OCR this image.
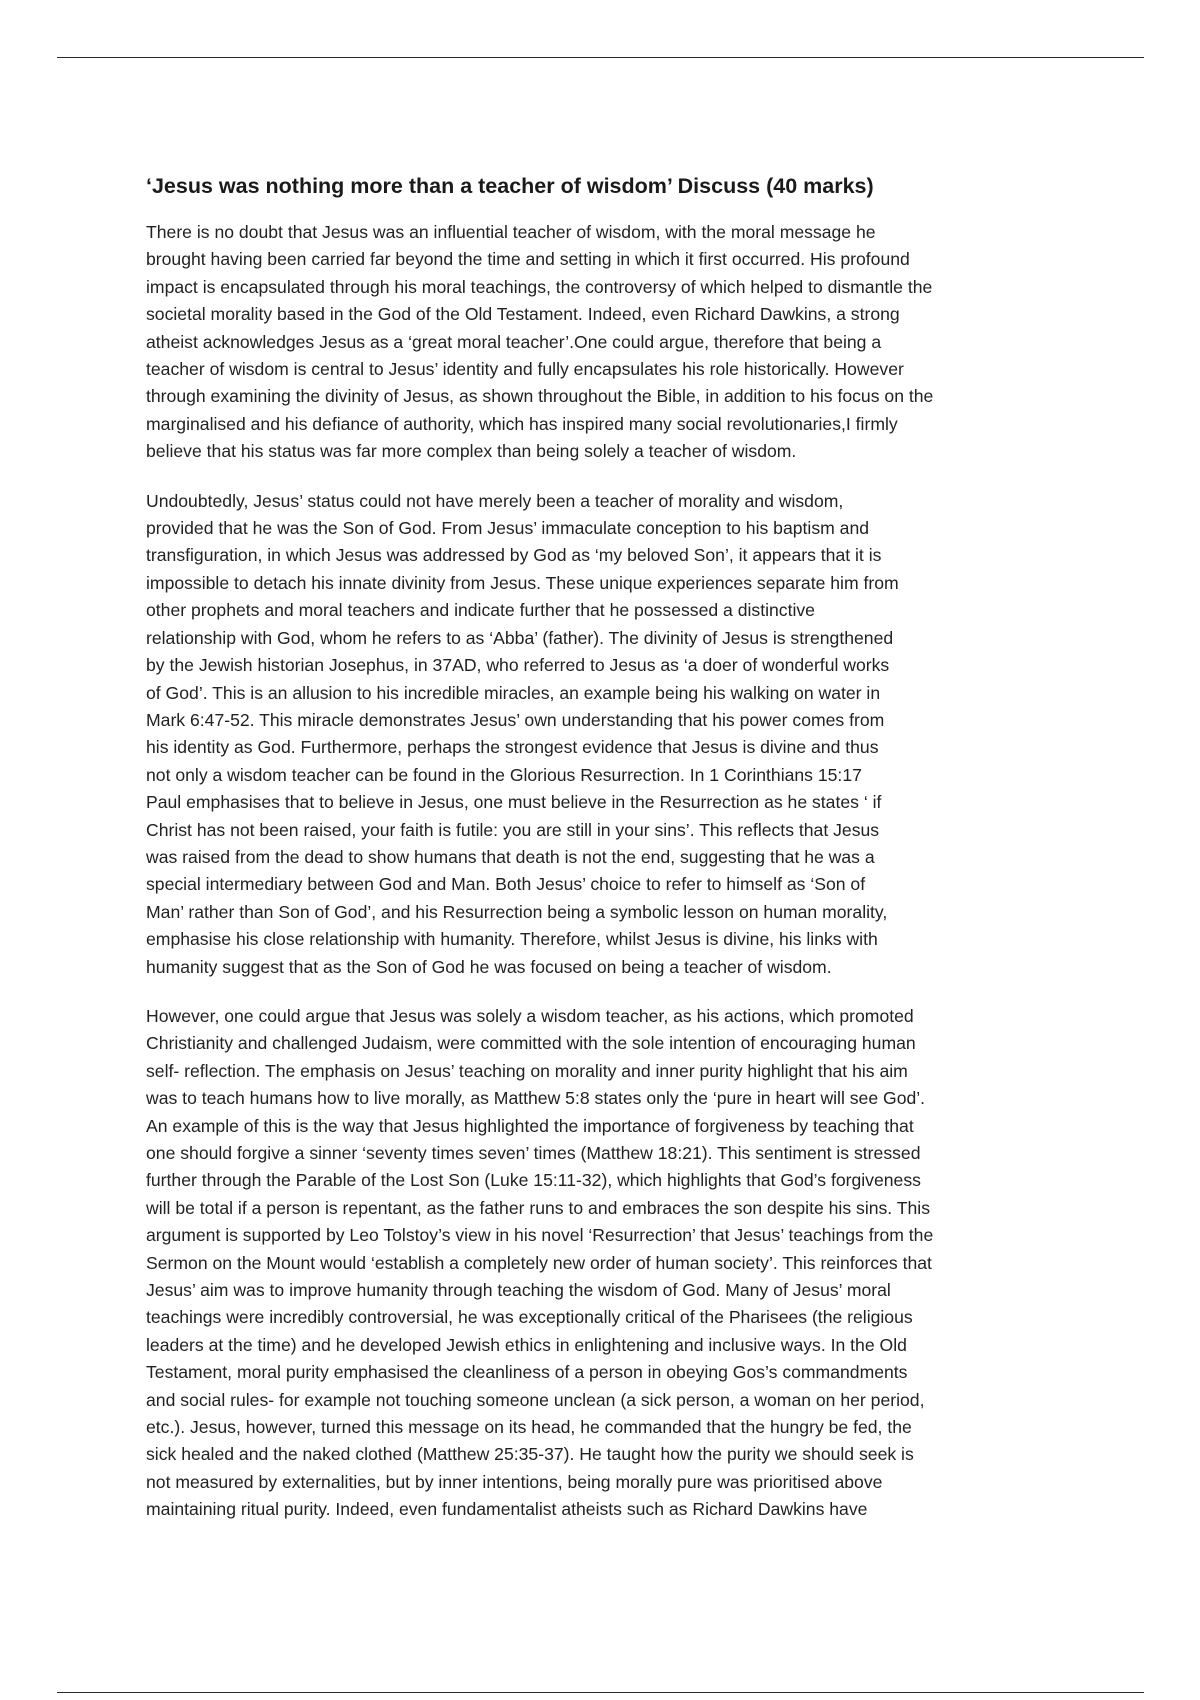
‘Jesus was nothing more than a teacher of wisdom’ Discuss (40 marks)

There is no doubt that Jesus was an influential teacher of wisdom, with the moral message he
brought having been carried far beyond the time and setting in which it first occurred. His profound
impact is encapsulated through his moral teachings, the controversy of which helped to dismantle the
societal morality based in the God of the Old Testament. Indeed, even Richard Dawkins, a strong
atheist acknowledges Jesus as a ‘great moral teacher’.One could argue, therefore that being a
teacher of wisdom is central to Jesus’ identity and fully encapsulates his role historically. However
through examining the divinity of Jesus, as shown throughout the Bible, in addition to his focus on the
marginalised and his defiance of authority, which has inspired many social revolutionaries,I firmly
believe that his status was far more complex than being solely a teacher of wisdom.

Undoubtedly, Jesus’ status could not have merely been a teacher of morality and wisdom,
provided that he was the Son of God. From Jesus’ immaculate conception to his baptism and
transfiguration, in which Jesus was addressed by God as ‘my beloved Son’, it appears that it is
impossible to detach his innate divinity from Jesus. These unique experiences separate him from
other prophets and moral teachers and indicate further that he possessed a distinctive
relationship with God, whom he refers to as ‘Abba’ (father). The divinity of Jesus is strengthened
by the Jewish historian Josephus, in 37AD, who referred to Jesus as ‘a doer of wonderful works
of God’. This is an allusion to his incredible miracles, an example being his walking on water in
Mark 6:47-52. This miracle demonstrates Jesus’ own understanding that his power comes from
his identity as God. Furthermore, perhaps the strongest evidence that Jesus is divine and thus
not only a wisdom teacher can be found in the Glorious Resurrection. In 1 Corinthians 15:17
Paul emphasises that to believe in Jesus, one must believe in the Resurrection as he states ‘ if
Christ has not been raised, your faith is futile: you are still in your sins’. This reflects that Jesus
was raised from the dead to show humans that death is not the end, suggesting that he was a
special intermediary between God and Man. Both Jesus’ choice to refer to himself as ‘Son of
Man’ rather than Son of God’, and his Resurrection being a symbolic lesson on human morality,
emphasise his close relationship with humanity. Therefore, whilst Jesus is divine, his links with
humanity suggest that as the Son of God he was focused on being a teacher of wisdom.

However, one could argue that Jesus was solely a wisdom teacher, as his actions, which promoted
Christianity and challenged Judaism, were committed with the sole intention of encouraging human
self- reflection. The emphasis on Jesus’ teaching on morality and inner purity highlight that his aim
was to teach humans how to live morally, as Matthew 5:8 states only the ‘pure in heart will see God’.
An example of this is the way that Jesus highlighted the importance of forgiveness by teaching that
one should forgive a sinner ‘seventy times seven’ times (Matthew 18:21). This sentiment is stressed
further through the Parable of the Lost Son (Luke 15:11-32), which highlights that God’s forgiveness
will be total if a person is repentant, as the father runs to and embraces the son despite his sins. This
argument is supported by Leo Tolstoy’s view in his novel ‘Resurrection’ that Jesus’ teachings from the
Sermon on the Mount would ‘establish a completely new order of human society’. This reinforces that
Jesus’ aim was to improve humanity through teaching the wisdom of God. Many of Jesus’ moral
teachings were incredibly controversial, he was exceptionally critical of the Pharisees (the religious
leaders at the time) and he developed Jewish ethics in enlightening and inclusive ways. In the Old
Testament, moral purity emphasised the cleanliness of a person in obeying Gos’s commandments
and social rules- for example not touching someone unclean (a sick person, a woman on her period,
etc.). Jesus, however, turned this message on its head, he commanded that the hungry be fed, the
sick healed and the naked clothed (Matthew 25:35-37). He taught how the purity we should seek is
not measured by externalities, but by inner intentions, being morally pure was prioritised above
maintaining ritual purity. Indeed, even fundamentalist atheists such as Richard Dawkins have
